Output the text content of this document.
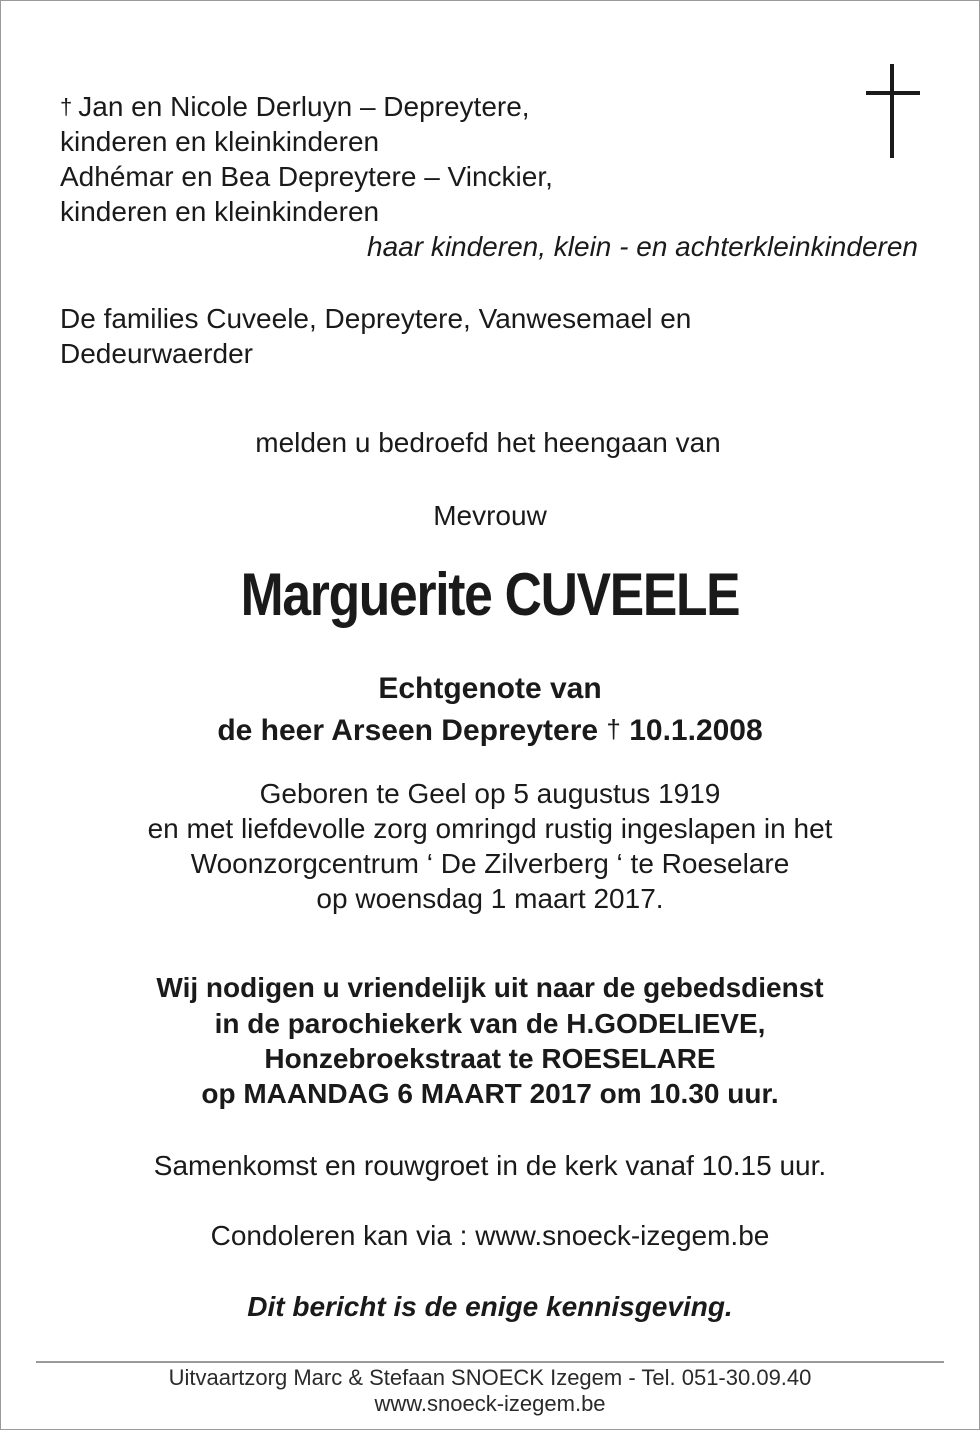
† Jan en Nicole Derluyn – Depreytere,
kinderen en kleinkinderen
Adhémar en Bea Depreytere – Vinckier,
kinderen en kleinkinderen
haar kinderen, klein - en achterkleinkinderen
De families Cuveele, Depreytere, Vanwesemael en
Dedeurwaerder
melden u bedroefd het heengaan van
Mevrouw
Marguerite CUVEELE
Echtgenote van
de heer Arseen Depreytere † 10.1.2008
Geboren te Geel op 5 augustus 1919
en met liefdevolle zorg omringd rustig ingeslapen in het
Woonzorgcentrum ‘ De Zilverberg ‘ te Roeselare
op woensdag 1 maart 2017.
Wij nodigen u vriendelijk uit naar de gebedsdienst
in de parochiekerk van de H.GODELIEVE,
Honzebroekstraat te ROESELARE
op MAANDAG 6 MAART 2017 om 10.30 uur.
Samenkomst en rouwgroet in de kerk vanaf 10.15 uur.
Condoleren kan via : www.snoeck-izegem.be
Dit bericht is de enige kennisgeving.
Uitvaartzorg Marc & Stefaan SNOECK Izegem - Tel. 051-30.09.40
www.snoeck-izegem.be
